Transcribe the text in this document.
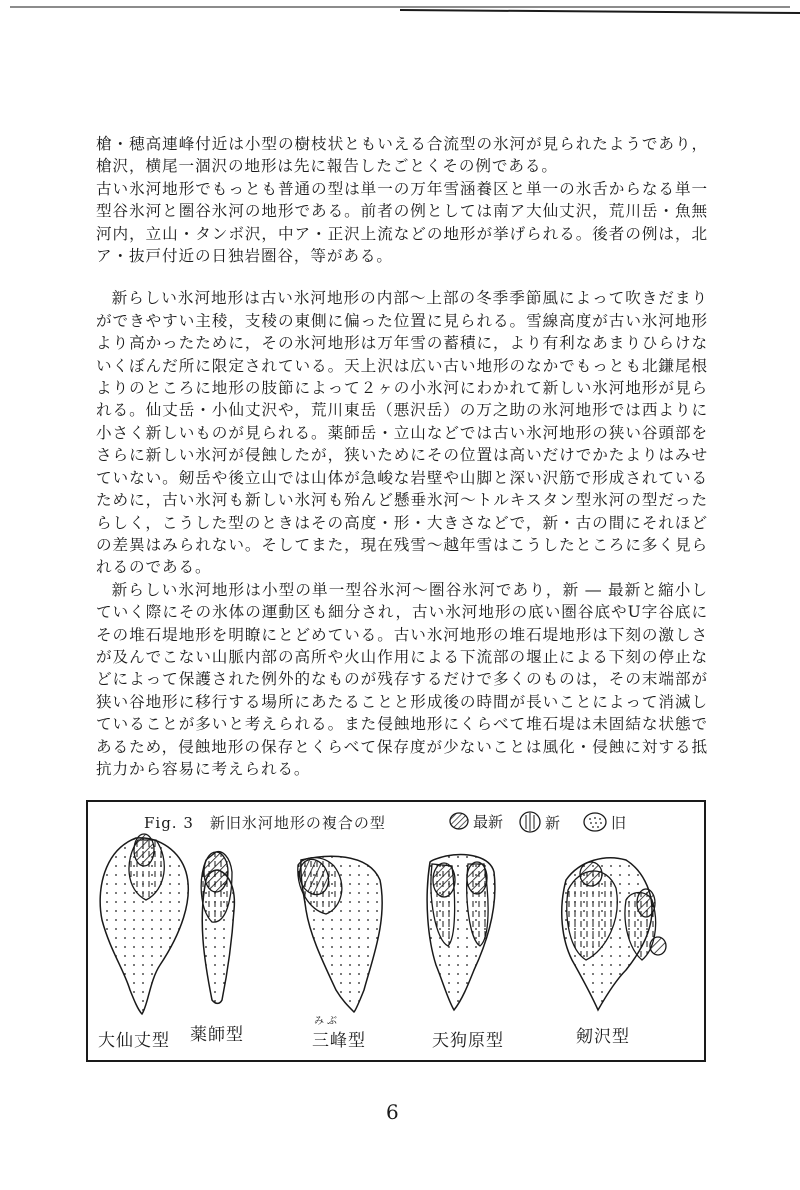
槍・穂高連峰付近は小型の樹枝状ともいえる合流型の氷河が見られたようであり，槍沢，横尾一涸沢の地形は先に報告したごとくその例である。

古い氷河地形でもっとも普通の型は単一の万年雪涵養区と単一の氷舌からなる単一型谷氷河と圏谷氷河の地形である。前者の例としては南ア大仙丈沢，荒川岳・魚無河内，立山・タンボ沢，中ア・正沢上流などの地形が挙げられる。後者の例は，北ア・抜戸付近の日独岩圏谷，等がある。

新らしい氷河地形は古い氷河地形の内部～上部の冬季季節風によって吹きだまりができやすい主稜，支稜の東側に偏った位置に見られる。雪線高度が古い氷河地形より高かったために，その氷河地形は万年雪の蓄積に，より有利なあまりひらけないくぼんだ所に限定されている。天上沢は広い古い地形のなかでもっとも北鎌尾根よりのところに地形の肢節によって２ヶの小氷河にわかれて新しい氷河地形が見られる。仙丈岳・小仙丈沢や，荒川東岳（悪沢岳）の万之助の氷河地形では西よりに小さく新しいものが見られる。薬師岳・立山などでは古い氷河地形の狭い谷頭部をさらに新しい氷河が侵蝕したが，狭いためにその位置は高いだけでかたよりはみせていない。剱岳や後立山では山体が急峻な岩壁や山脚と深い沢筋で形成されているために，古い氷河も新しい氷河も殆んど懸垂氷河～トルキスタン型氷河の型だったらしく，こうした型のときはその高度・形・大きさなどで，新・古の間にそれほどの差異はみられない。そしてまた，現在残雪～越年雪はこうしたところに多く見られるのである。

新らしい氷河地形は小型の単一型谷氷河～圏谷氷河であり，新 ― 最新と縮小していく際にその氷体の運動区も細分され，古い氷河地形の底い圏谷底やU字谷底にその堆石堤地形を明瞭にとどめている。古い氷河地形の堆石堤地形は下刻の激しさが及んでこない山脈内部の高所や火山作用による下流部の堰止による下刻の停止などによって保護された例外的なものが残存するだけで多くのものは，その末端部が狭い谷地形に移行する場所にあたることと形成後の時間が長いことによって消滅していることが多いと考えられる。また侵蝕地形にくらべて堆石堤は未固結な状態であるため，侵蝕地形の保存とくらべて保存度が少ないことは風化・侵蝕に対する抵抗力から容易に考えられる。

Fig. 3　新旧氷河地形の複合の型	最新	新	旧
大仙丈型 薬師型
みぶ
三峰型	天狗原型	剱沢型
6
